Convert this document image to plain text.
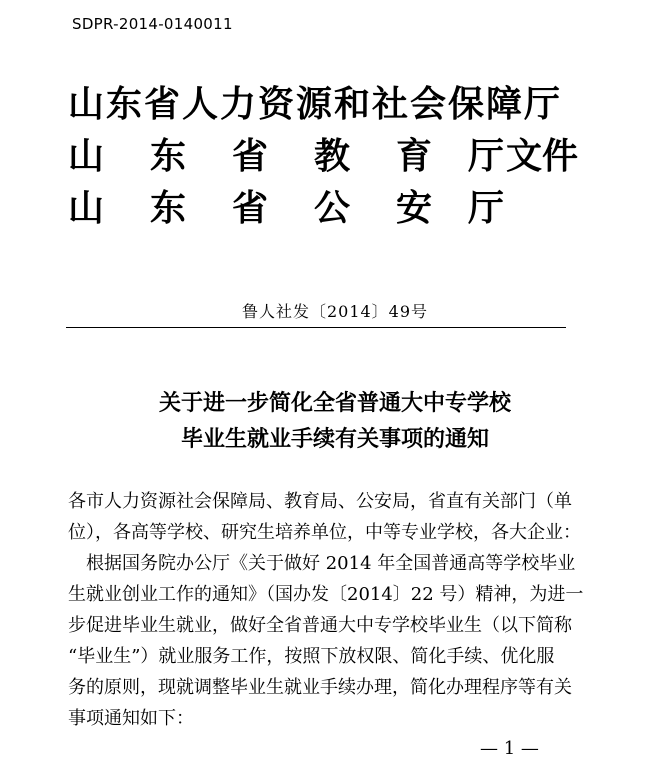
SDPR-2014-0140011
山东省人力资源和社会保障厅
山 东 省 教 育 厅 文件
山 东 省 公 安 厅
鲁人社发〔2014〕49号
关于进一步简化全省普通大中专学校
毕业生就业手续有关事项的通知
各市人力资源社会保障局、教育局、公安局，省直有关部门（单
位），各高等学校、研究生培养单位，中等专业学校，各大企业：
　根据国务院办公厅《关于做好 2014 年全国普通高等学校毕业
生就业创业工作的通知》（国办发〔2014〕22 号）精神，为进一
步促进毕业生就业，做好全省普通大中专学校毕业生（以下简称
“毕业生”）就业服务工作，按照下放权限、简化手续、优化服
务的原则，现就调整毕业生就业手续办理，简化办理程序等有关
事项通知如下：
— 1 —
